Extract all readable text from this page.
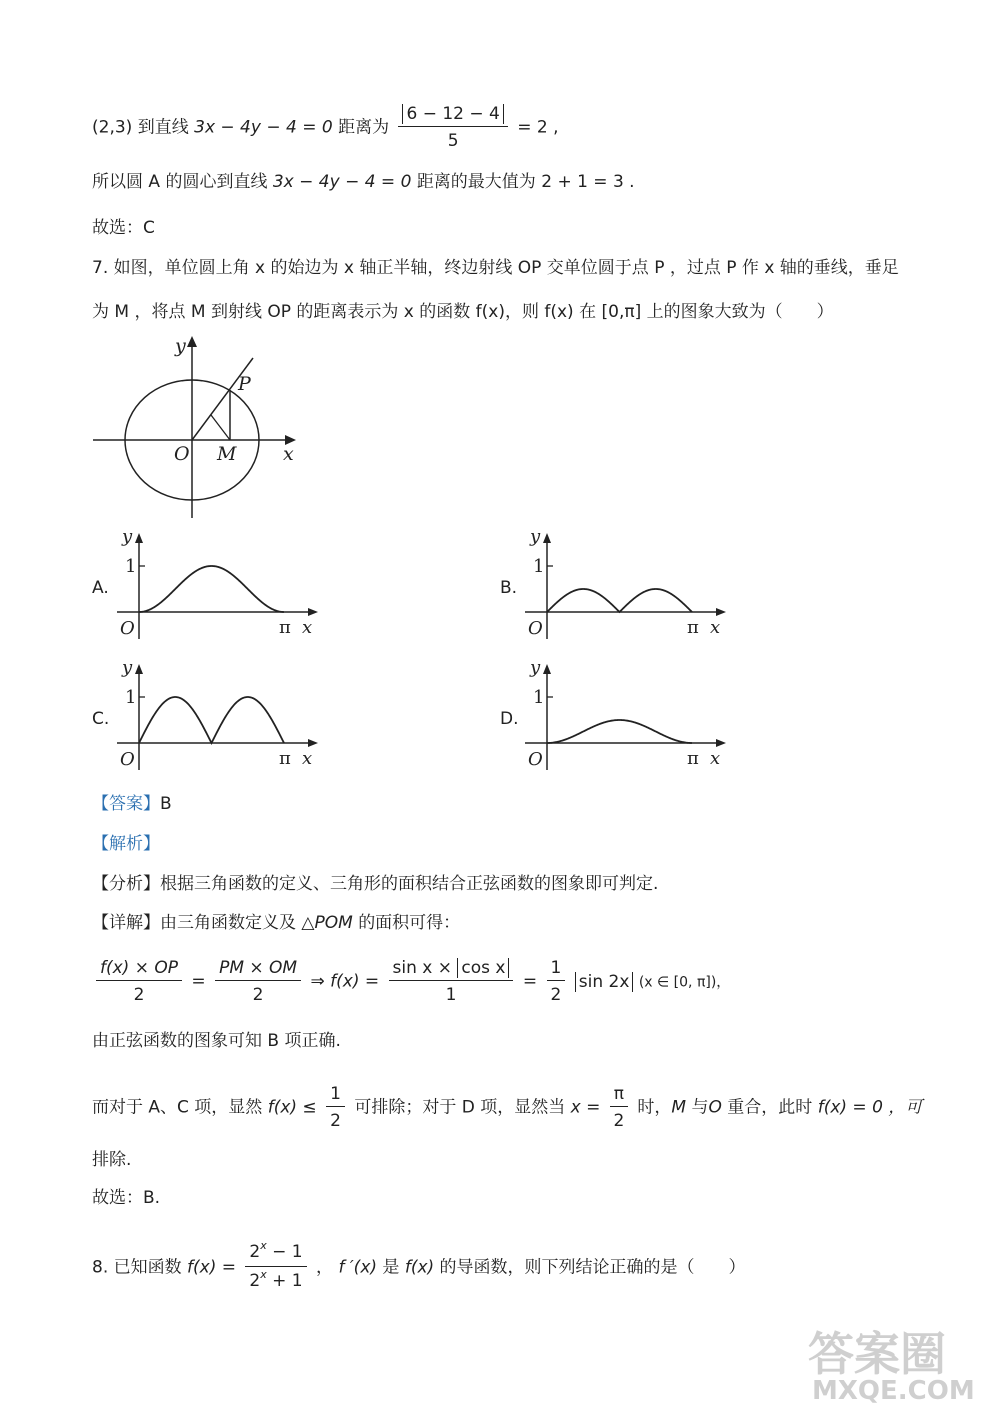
(2,3) 到直线 3x − 4y − 4 = 0 距离为 $\frac{6 - 12 - 4}{5} = 2$ ,
所以圆 A 的圆心到直线 3x − 4y − 4 = 0 距离的最大值为 2 + 1 = 3 .
故选：C
7. 如图，单位圆上角 x 的始边为 x 轴正半轴，终边射线 OP 交单位圆于点 P ，过点 P 作 x 轴的垂线，垂足
为 M ，将点 M 到射线 OP 的距离表示为 x 的函数 f(x)，则 f(x) 在 [0,π] 上的图象大致为（　　）
y
P
O M x
A.
y
1
O	π x
B.
y
1
O	π x
C.
y
1
O	π x
D.
y
1
O	π x
【答案】B
【解析】
【分析】根据三角函数的定义、三角形的面积结合正弦函数的图象即可判定.
【详解】由三角函数定义及 △POM 的面积可得：
$\frac{f(x) \times OP}{2} = \frac{PM \times OM}{2}$ ⇒ $f(x) = \frac{\text{sin x × cos x}}{1} = \frac{1}{2}$ sin 2x (x ∈ [0, π])，
由正弦函数的图象可知 B 项正确.
而对于 A、C 项，显然 $f(x) \le \frac{1}{2}$ 可排除；对于 D 项，显然当 $x = \frac{\pi}{2}$ 时，M 与O 重合，此时 f(x) = 0 ，可
排除.
故选：B.
8. 已知函数 $f(x) = \frac{2^x - 1}{2^x + 1}$ ， f ′(x) 是 f(x) 的导函数，则下列结论正确的是（　　）
答案圈
MXQE.COM
